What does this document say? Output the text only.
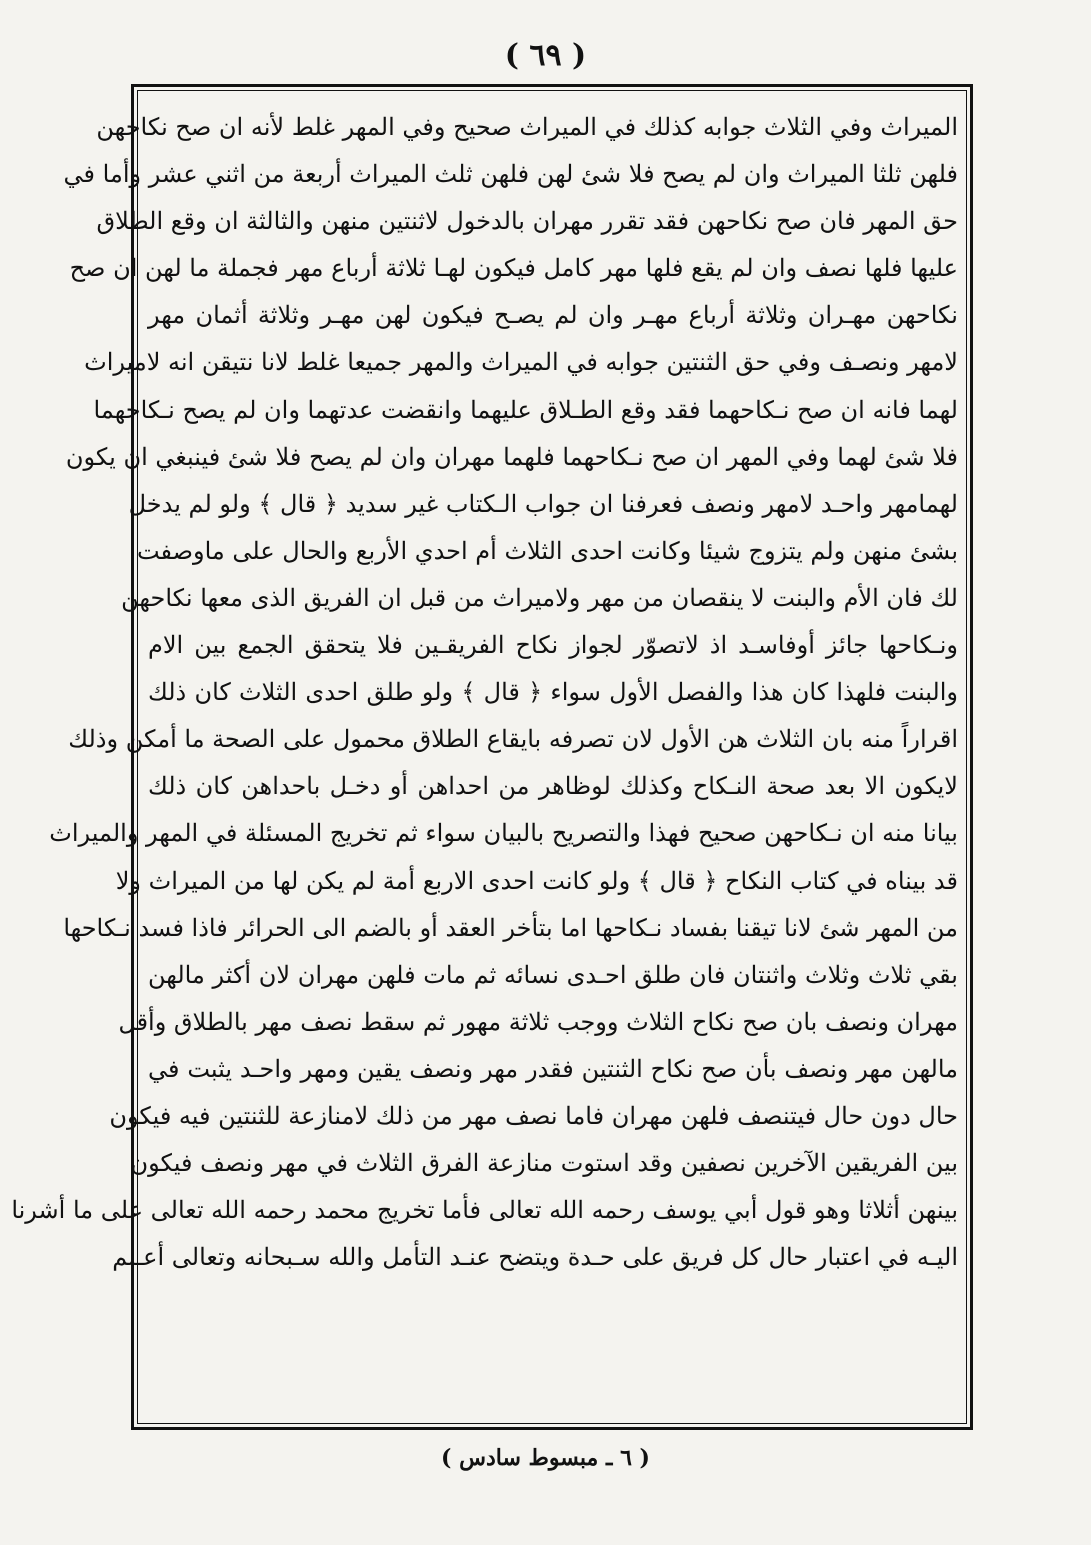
( ٦٩ )
الميراث وفي الثلاث جوابه كذلك في الميراث صحيح وفي المهر غلط لأنه ان صح نكاحهن
فلهن ثلثا الميراث وان لم يصح فلا شئ لهن فلهن ثلث الميراث أربعة من اثني عشر وأما في
حق المهر فان صح نكاحهن فقد تقرر مهران بالدخول لاثنتين منهن والثالثة ان وقع الطلاق
عليها فلها نصف وان لم يقع فلها مهر كامل فيكون لهـا ثلاثة أرباع مهر فجملة ما لهن ان صح
نكاحهن مهـران وثلاثة أرباع مهـر وان لم يصـح فيكون لهن مهـر وثلاثة أثمان مهر
لامهر ونصـف وفي حق الثنتين جوابه في الميراث والمهر جميعا غلط لانا نتيقن انه لاميراث
لهما فانه ان صح نـكاحهما فقد وقع الطـلاق عليهما وانقضت عدتهما وان لم يصح نـكاحهما
فلا شئ لهما وفي المهر ان صح نـكاحهما فلهما مهران وان لم يصح فلا شئ فينبغي ان يكون
لهمامهر واحـد لامهر ونصف فعرفنا ان جواب الـكتاب غير سديد ﴿ قال ﴾ ولو لم يدخل
بشئ منهن ولم يتزوج شيئا وكانت احدى الثلاث أم احدي الأربع والحال على ماوصفت
لك فان الأم والبنت لا ينقصان من مهر ولاميراث من قبل ان الفريق الذى معها نكاحهن
ونـكاحها جائز أوفاسـد اذ لاتصوّر لجواز نكاح الفريقـين فلا يتحقق الجمع بين الام
والبنت فلهذا كان هذا والفصل الأول سواء ﴿ قال ﴾ ولو طلق احدى الثلاث كان ذلك
اقراراً منه بان الثلاث هن الأول لان تصرفه بايقاع الطلاق محمول على الصحة ما أمكن وذلك
لايكون الا بعد صحة النـكاح وكذلك لوظاهر من احداهن أو دخـل باحداهن كان ذلك
بيانا منه ان نـكاحهن صحيح فهذا والتصريح بالبيان سواء ثم تخريج المسئلة في المهر والميراث
قد بيناه في كتاب النكاح ﴿ قال ﴾ ولو كانت احدى الاربع أمة لم يكن لها من الميراث ولا
من المهر شئ لانا تيقنا بفساد نـكاحها اما بتأخر العقد أو بالضم الى الحرائر فاذا فسد نـكاحها
بقي ثلاث وثلاث واثنتان فان طلق احـدى نسائه ثم مات فلهن مهران لان أكثر مالهن
مهران ونصف بان صح نكاح الثلاث ووجب ثلاثة مهور ثم سقط نصف مهر بالطلاق وأقل
مالهن مهر ونصف بأن صح نكاح الثنتين فقدر مهر ونصف يقين ومهر واحـد يثبت في
حال دون حال فيتنصف فلهن مهران فاما نصف مهر من ذلك لامنازعة للثنتين فيه فيكون
بين الفريقين الآخرين نصفين وقد استوت منازعة الفرق الثلاث في مهر ونصف فيكون
بينهن أثلاثا وهو قول أبي يوسف رحمه الله تعالى فأما تخريج محمد رحمه الله تعالى على ما أشرنا
اليـه في اعتبار حال كل فريق على حـدة ويتضح عنـد التأمل والله سـبحانه وتعالى أعـلم
( ٦ ـ مبسوط سادس )
